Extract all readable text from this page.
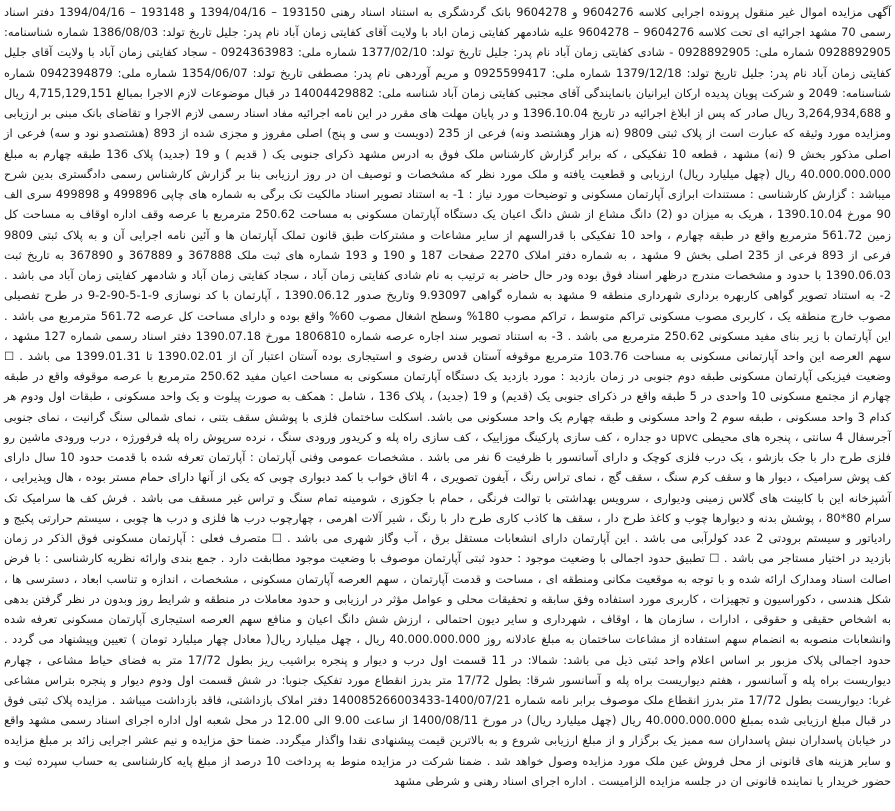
آگهی مزایده اموال غیر منقول پرونده اجرایی کلاسه 9604276 و 9604278 بانک گردشگری به استناد اسناد رهنی 193150 – 1394/04/16 و 193148 – 1394/04/16 دفتر اسناد رسمی 70 مشهد اجرائیه ای تحت کلاسه 9604276 – 9604278 علیه شادمهر کفایتی زمان اباد با ولایت آقای کفایتی زمان آباد نام پدر: جلیل تاریخ تولد: 1386/08/03 شماره شناسنامه: 0928892905 شماره ملی: 0928892905 - شادی کفایتی زمان آباد نام پدر: جلیل تاریخ تولد: 1377/02/10 شماره ملی: 0924363983 - سجاد کفایتی زمان آباد با ولایت آقای جلیل کفایتی زمان آباد نام پدر: جلیل تاریخ تولد: 1379/12/18 شماره ملی: 0925599417 و مریم آوردهی نام پدر: مصطفی تاریخ تولد: 1354/06/07 شماره ملی: 0942394879 شماره شناسنامه: 2049 و شرکت پویان پدیده ارکان ایرانیان بانمایندگی آقای مجتبی کفایتی زمان آباد شناسه ملی: 14004429882 در قبال موضوعات لازم الاجرا بمبالغ 4,715,129,151 ریال و 3,264,934,688 ریال صادر که پس از ابلاغ اجرائیه در تاریخ 1396.10.04 و در پایان مهلت های مقرر در این نامه اجرائیه مفاد اسناد رسمی لازم الاجرا و تقاضای بانک مبنی بر ارزیابی ومزایده مورد وثیقه که عبارت است از پلاک ثبتی 9809 (نه هزار وهشتصد ونه) فرعی از 235 (دویست و سی و پنج) اصلی مفروز و مجزی شده از 893 (هشتصدو نود و سه) فرعی از اصلی مذکور بخش 9 (نه) مشهد ، قطعه 10 تفکیکی ، که برابر گزارش کارشناس ملک فوق به ادرس مشهد ذکرای جنوبی یک ( قدیم ) و 19 (جدید) پلاک 136 طبقه چهارم به مبلغ 40.000.000.000 ریال (چهل میلیارد ریال) ارزیابی و قطعیت یافته و ملک مورد نظر که مشخصات و توصیف ان در روز ارزیابی بنا بر گزارش کارشناس رسمی دادگستری بدین شرح میباشد : گزارش کارشناسی : مستندات ابرازی آپارتمان مسکونی و توضیحات مورد نیاز : 1- به استناد تصویر اسناد مالکیت تک برگی به شماره های چاپی 499896 و 499898 سری الف 90 مورخ 1390.10.04 ، هریک به میزان دو (2) دانگ مشاع از شش دانگ اعیان یک دستگاه آپارتمان مسکونی به مساحت 250.62 مترمربع با عرصه وقف اداره اوقاف به مساحت کل زمین 561.72 مترمربع واقع در طبقه چهارم ، واحد 10 تفکیکی با قدرالسهم از سایر مشاعات و مشترکات طبق قانون تملک آپارتمان ها و آئین نامه اجرایی آن و به پلاک ثبتی 9809 فرعی از 893 فرعی از 235 اصلی بخش 9 مشهد ، به شماره دفتر املاک 2270 صفحات 187 و 190 و 193 شماره های ثبت ملک 367888 و 367889 و 367890 به تاریخ ثبت 1390.06.03 با حدود و مشخصات مندرج درظهر اسناد فوق بوده ودر حال حاضر به ترتیب به نام شادی کفایتی زمان آباد ، سجاد کفایتی زمان آباد و شادمهر کفایتی زمان آباد می باشد . 2- به استناد تصویر گواهی کاربهره برداری شهرداری منطقه 9 مشهد به شماره گواهی 9.93097 وتاریخ صدور 1390.06.12 ، آپارتمان با کد نوسازی 9-1-5-90-2-9 در طرح تفصیلی مصوب خارج منطقه یک ، کاربری مصوب مسکونی تراکم متوسط ، تراکم مصوب 180% وسطح اشغال مصوب 60% واقع بوده و دارای مساحت کل عرصه 561.72 مترمربع می باشد . این آپارتمان با زیر بنای مفید مسکونی 250.62 مترمربع می باشد . 3- به استناد تصویر سند اجاره عرصه شماره 1806810 مورخ 1390.07.18 دفتر اسناد رسمی شماره 127 مشهد ، سهم العرصه این واحد آپارتمانی مسکونی به مساحت 103.76 مترمربع موقوفه آستان قدس رضوی و استیجاری بوده آستان اعتبار آن از 1390.02.01 تا 1399.01.31 می باشد . ☐ وضعیت فیزیکی آپارتمان مسکونی طبقه دوم جنوبی در زمان بازدید : مورد بازدید یک دستگاه آپارتمان مسکونی به مساحت اعیان مفید 250.62 مترمربع با عرصه موقوفه واقع در طبقه چهارم از مجتمع مسکونی 10 واحدی در 5 طبقه واقع در ذکرای جنوبی یک (قدیم) و 19 (جدید) ، پلاک 136 ، شامل : همکف به صورت پیلوت و یک واحد مسکونی ، طبقات اول ودوم هر کدام 3 واحد مسکونی ، طبقه سوم 2 واحد مسکونی و طبقه چهارم یک واحد مسکونی می باشد. اسکلت ساختمان فلزی با پوشش سقف بتنی ، نمای شمالی سنگ گرانیت ، نمای جنوبی آجرسفال 4 سانتی ، پنجره های محیطی upvc دو جداره ، کف سازی پارکینگ موزاییک ، کف سازی راه پله و کریدور ورودی سنگ ، نرده سرپوش راه پله فرفورژه ، درب ورودی ماشین رو فلزی طرح دار با جک بازشو ، یک درب فلزی کوچک و دارای آسانسور با ظرفیت 6 نفر می باشد . مشخصات عمومی وفنی آپارتمان : آپارتمان تعرفه شده با قدمت حدود 10 سال دارای کف پوش سرامیک ، دیوار ها و سقف کرم سنگ ، سقف گچ ، نمای تراس رنگ ، آیفون تصویری ، 4 اتاق خواب با کمد دیواری چوبی که یکی از آنها دارای حمام مستر بوده ، هال وپذیرایی ، آشپزخانه این با کابینت های گلاس زمینی ودیواری ، سرویس بهداشتی با توالت فرنگی ، حمام با جکوزی ، شومینه تمام سنگ و تراس غیر مسقف می باشد . فرش کف ها سرامیک تک سرام 80*80 ، پوشش بدنه و دیوارها چوب و کاغذ طرح دار ، سقف ها کاذب کاری طرح دار با رنگ ، شیر آلات اهرمی ، چهارچوب درب ها فلزی و درب ها چوبی ، سیستم حرارتی پکیج و رادیاتور و سیستم برودتی 2 عدد کولرآبی می باشد . این آپارتمان دارای انشعابات مستقل برق ، آب وگاز شهری می باشد . ☐ متصرف فعلی : آپارتمان مسکونی فوق الذکر در زمان بازدید در اختیار مستاجر می باشد . ☐ تطبیق حدود اجمالی با وضعیت موجود : حدود ثبتی آپارتمان موصوف با وضعیت موجود مطابقت دارد . جمع بندی وارائه نظریه کارشناسی : با فرض اصالت اسناد ومدارک ارائه شده و با توجه به موقعیت مکانی ومنطقه ای ، مساحت و قدمت آپارتمان ، سهم العرصه آپارتمان مسکونی ، مشخصات ، اندازه و تناسب ابعاد ، دسترسی ها ، شکل هندسی ، دکوراسیون و تجهیزات ، کاربری مورد استفاده وفق سابقه و تحقیقات محلی و عوامل مؤثر در ارزیابی و حدود معاملات در منطقه و شرایط روز وبدون در نظر گرفتن بدهی به اشخاص حقیقی و حقوقی ، ادارات ، سازمان ها ، اوقاف ، شهرداری و سایر دیون احتمالی ، ارزش شش دانگ اعیان و منافع سهم العرصه استیجاری آپارتمان مسکونی تعرفه شده وانشعابات منصوبه به انضمام سهم استفاده از مشاعات ساختمان به مبلغ عادلانه روز 40.000.000.000 ریال ، چهل میلیارد ریال( معادل چهار میلیارد تومان ) تعیین وپیشنهاد می گردد . حدود اجمالی پلاک مزبور بر اساس اعلام واحد ثبتی ذیل می باشد: شمالا: در 11 قسمت اول درب و دیوار و پنجره براشیب ریز بطول 17/72 متر به فضای حیاط مشاعی ، چهارم دیواریست براه پله و آسانسور ، هفتم دیواریست براه پله و آسانسور شرقا: بطول 17/72 متر بدرز انقطاع مورد تفکیک جنوبا: در شش قسمت اول ودوم دیوار و پنجره بتراس مشاعی غربا: دیواریست بطول 17/72 متر بدرز انقطاع ملک موصوف برابر نامه شماره 1400/07/21-140085266003433 دفتر املاک بازداشتی، فاقد بازداشت میباشد . مزایده پلاک ثبتی فوق در قبال مبلغ ارزیابی شده بمبلغ 40.000.000.000 ریال (چهل میلیارد ریال) در مورخ 1400/08/11 از ساعت 9.00 الی 12.00 در محل شعبه اول اداره اجرای اسناد رسمی مشهد واقع در خیابان پاسداران نبش پاسداران سه ممیز یک برگزار و از مبلغ ارزیابی شروع و به بالاترین قیمت پیشنهادی نقدا واگذار میگردد. ضمنا حق مزایده و نیم عشر اجرایی زائد بر مبلغ مزایده و سایر هزینه های قانونی از محل فروش عین ملک مورد مزایده وصول خواهد شد . ضمنا شرکت در مزایده منوط به پرداخت 10 درصد از مبلغ پایه کارشناسی به حساب سپرده ثبت و حضور خریدار یا نماینده قانونی ان در جلسه مزایده الزامیست . اداره اجرای اسناد رهنی و شرطی مشهد
